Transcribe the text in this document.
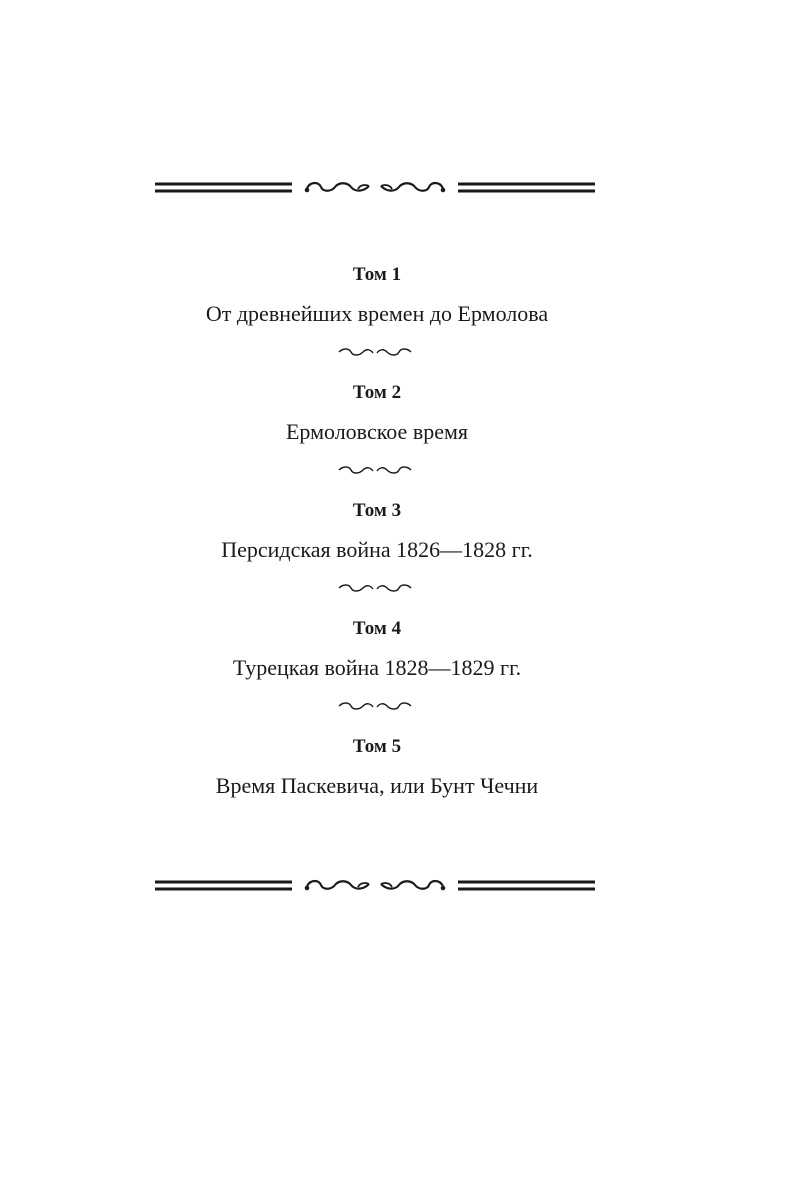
Том 1
От древнейших времен до Ермолова
Том 2
Ермоловское время
Том 3
Персидская война 1826—1828 гг.
Том 4
Турецкая война 1828—1829 гг.
Том 5
Время Паскевича, или Бунт Чечни
